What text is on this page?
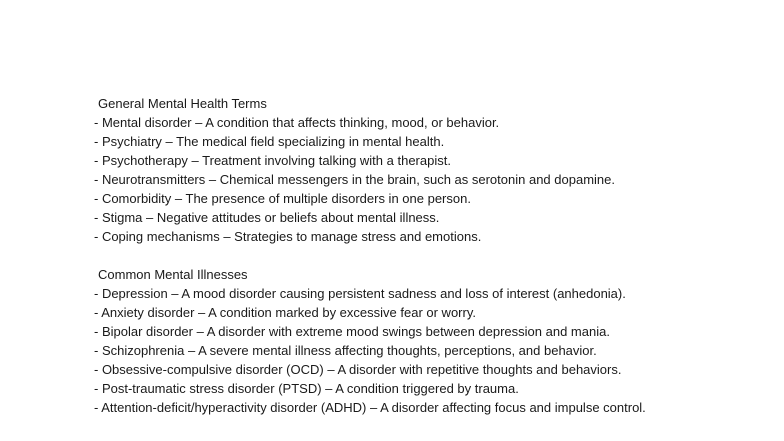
General Mental Health Terms
- Mental disorder – A condition that affects thinking, mood, or behavior.
- Psychiatry – The medical field specializing in mental health.
- Psychotherapy – Treatment involving talking with a therapist.
- Neurotransmitters – Chemical messengers in the brain, such as serotonin and dopamine.
- Comorbidity – The presence of multiple disorders in one person.
- Stigma – Negative attitudes or beliefs about mental illness.
- Coping mechanisms – Strategies to manage stress and emotions.
Common Mental Illnesses
- Depression – A mood disorder causing persistent sadness and loss of interest (anhedonia).
- Anxiety disorder – A condition marked by excessive fear or worry.
- Bipolar disorder – A disorder with extreme mood swings between depression and mania.
- Schizophrenia – A severe mental illness affecting thoughts, perceptions, and behavior.
- Obsessive-compulsive disorder (OCD) – A disorder with repetitive thoughts and behaviors.
- Post-traumatic stress disorder (PTSD) – A condition triggered by trauma.
- Attention-deficit/hyperactivity disorder (ADHD) – A disorder affecting focus and impulse control.
